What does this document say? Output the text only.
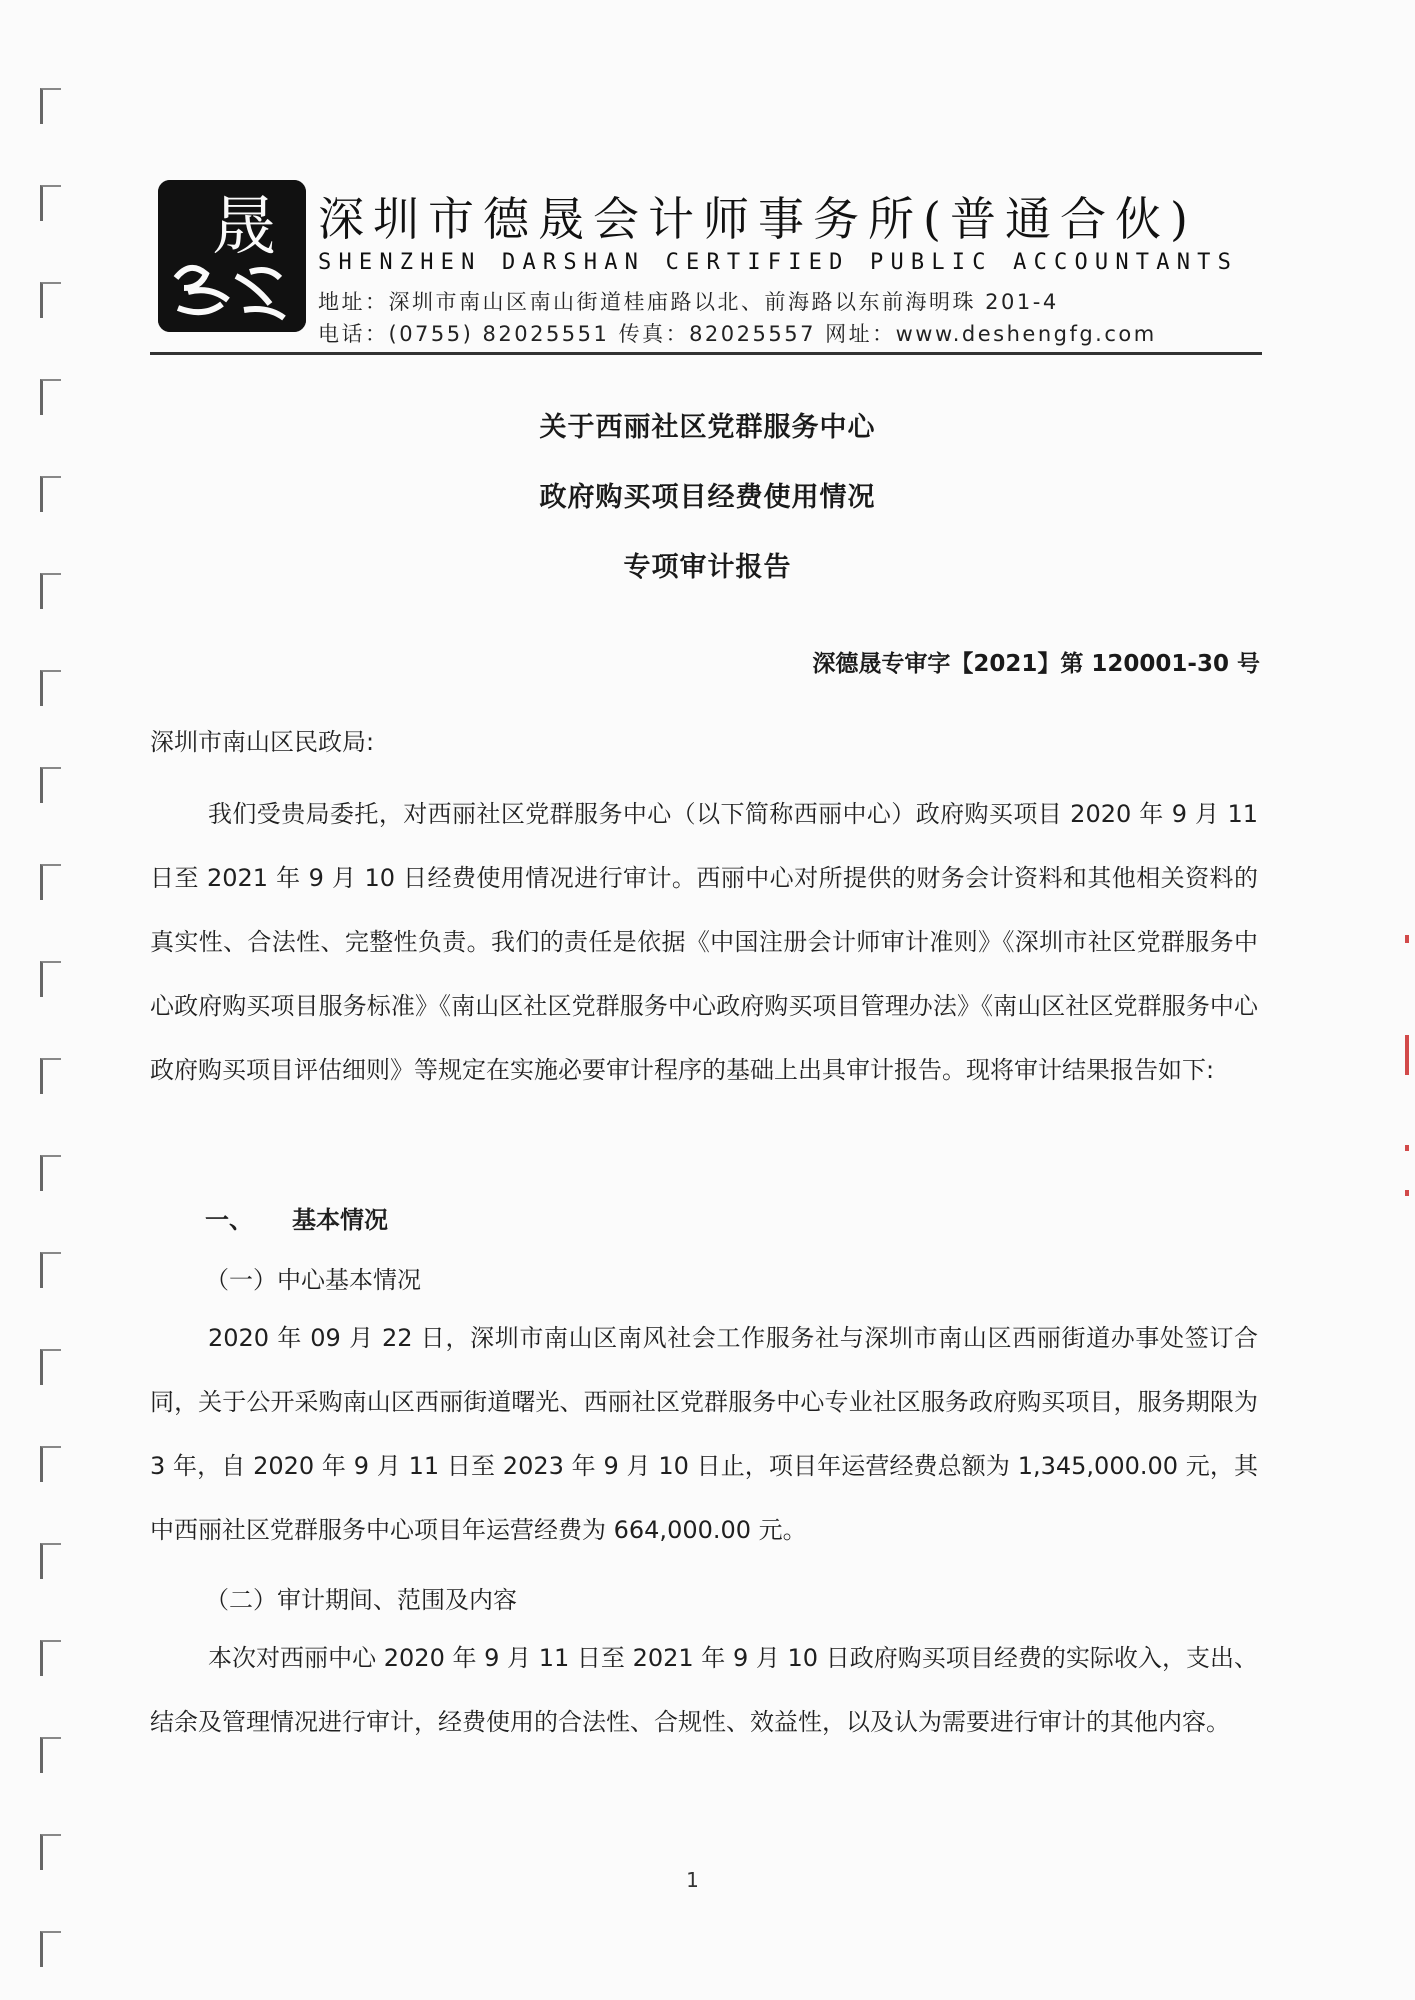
晟 深圳市德晟会计师事务所(普通合伙)
SHENZHEN DARSHAN CERTIFIED PUBLIC ACCOUNTANTS
地址：深圳市南山区南山街道桂庙路以北、前海路以东前海明珠 201-4
电话：(0755) 82025551 传真：82025557 网址：www.deshengfg.com
关于西丽社区党群服务中心
政府购买项目经费使用情况
专项审计报告
深德晟专审字【2021】第 120001-30 号
深圳市南山区民政局:
我们受贵局委托，对西丽社区党群服务中心（以下简称西丽中心）政府购买项目 2020 年 9 月 11 日至 2021 年 9 月 10 日经费使用情况进行审计。西丽中心对所提供的财务会计资料和其他相关资料的真实性、合法性、完整性负责。我们的责任是依据《中国注册会计师审计准则》《深圳市社区党群服务中心政府购买项目服务标准》《南山区社区党群服务中心政府购买项目管理办法》《南山区社区党群服务中心政府购买项目评估细则》等规定在实施必要审计程序的基础上出具审计报告。现将审计结果报告如下:
一、 基本情况
（一）中心基本情况
2020 年 09 月 22 日，深圳市南山区南风社会工作服务社与深圳市南山区西丽街道办事处签订合同，关于公开采购南山区西丽街道曙光、西丽社区党群服务中心专业社区服务政府购买项目，服务期限为 3 年，自 2020 年 9 月 11 日至 2023 年 9 月 10 日止，项目年运营经费总额为 1,345,000.00 元，其中西丽社区党群服务中心项目年运营经费为 664,000.00 元。
（二）审计期间、范围及内容
本次对西丽中心 2020 年 9 月 11 日至 2021 年 9 月 10 日政府购买项目经费的实际收入，支出、结余及管理情况进行审计，经费使用的合法性、合规性、效益性，以及认为需要进行审计的其他内容。
1
